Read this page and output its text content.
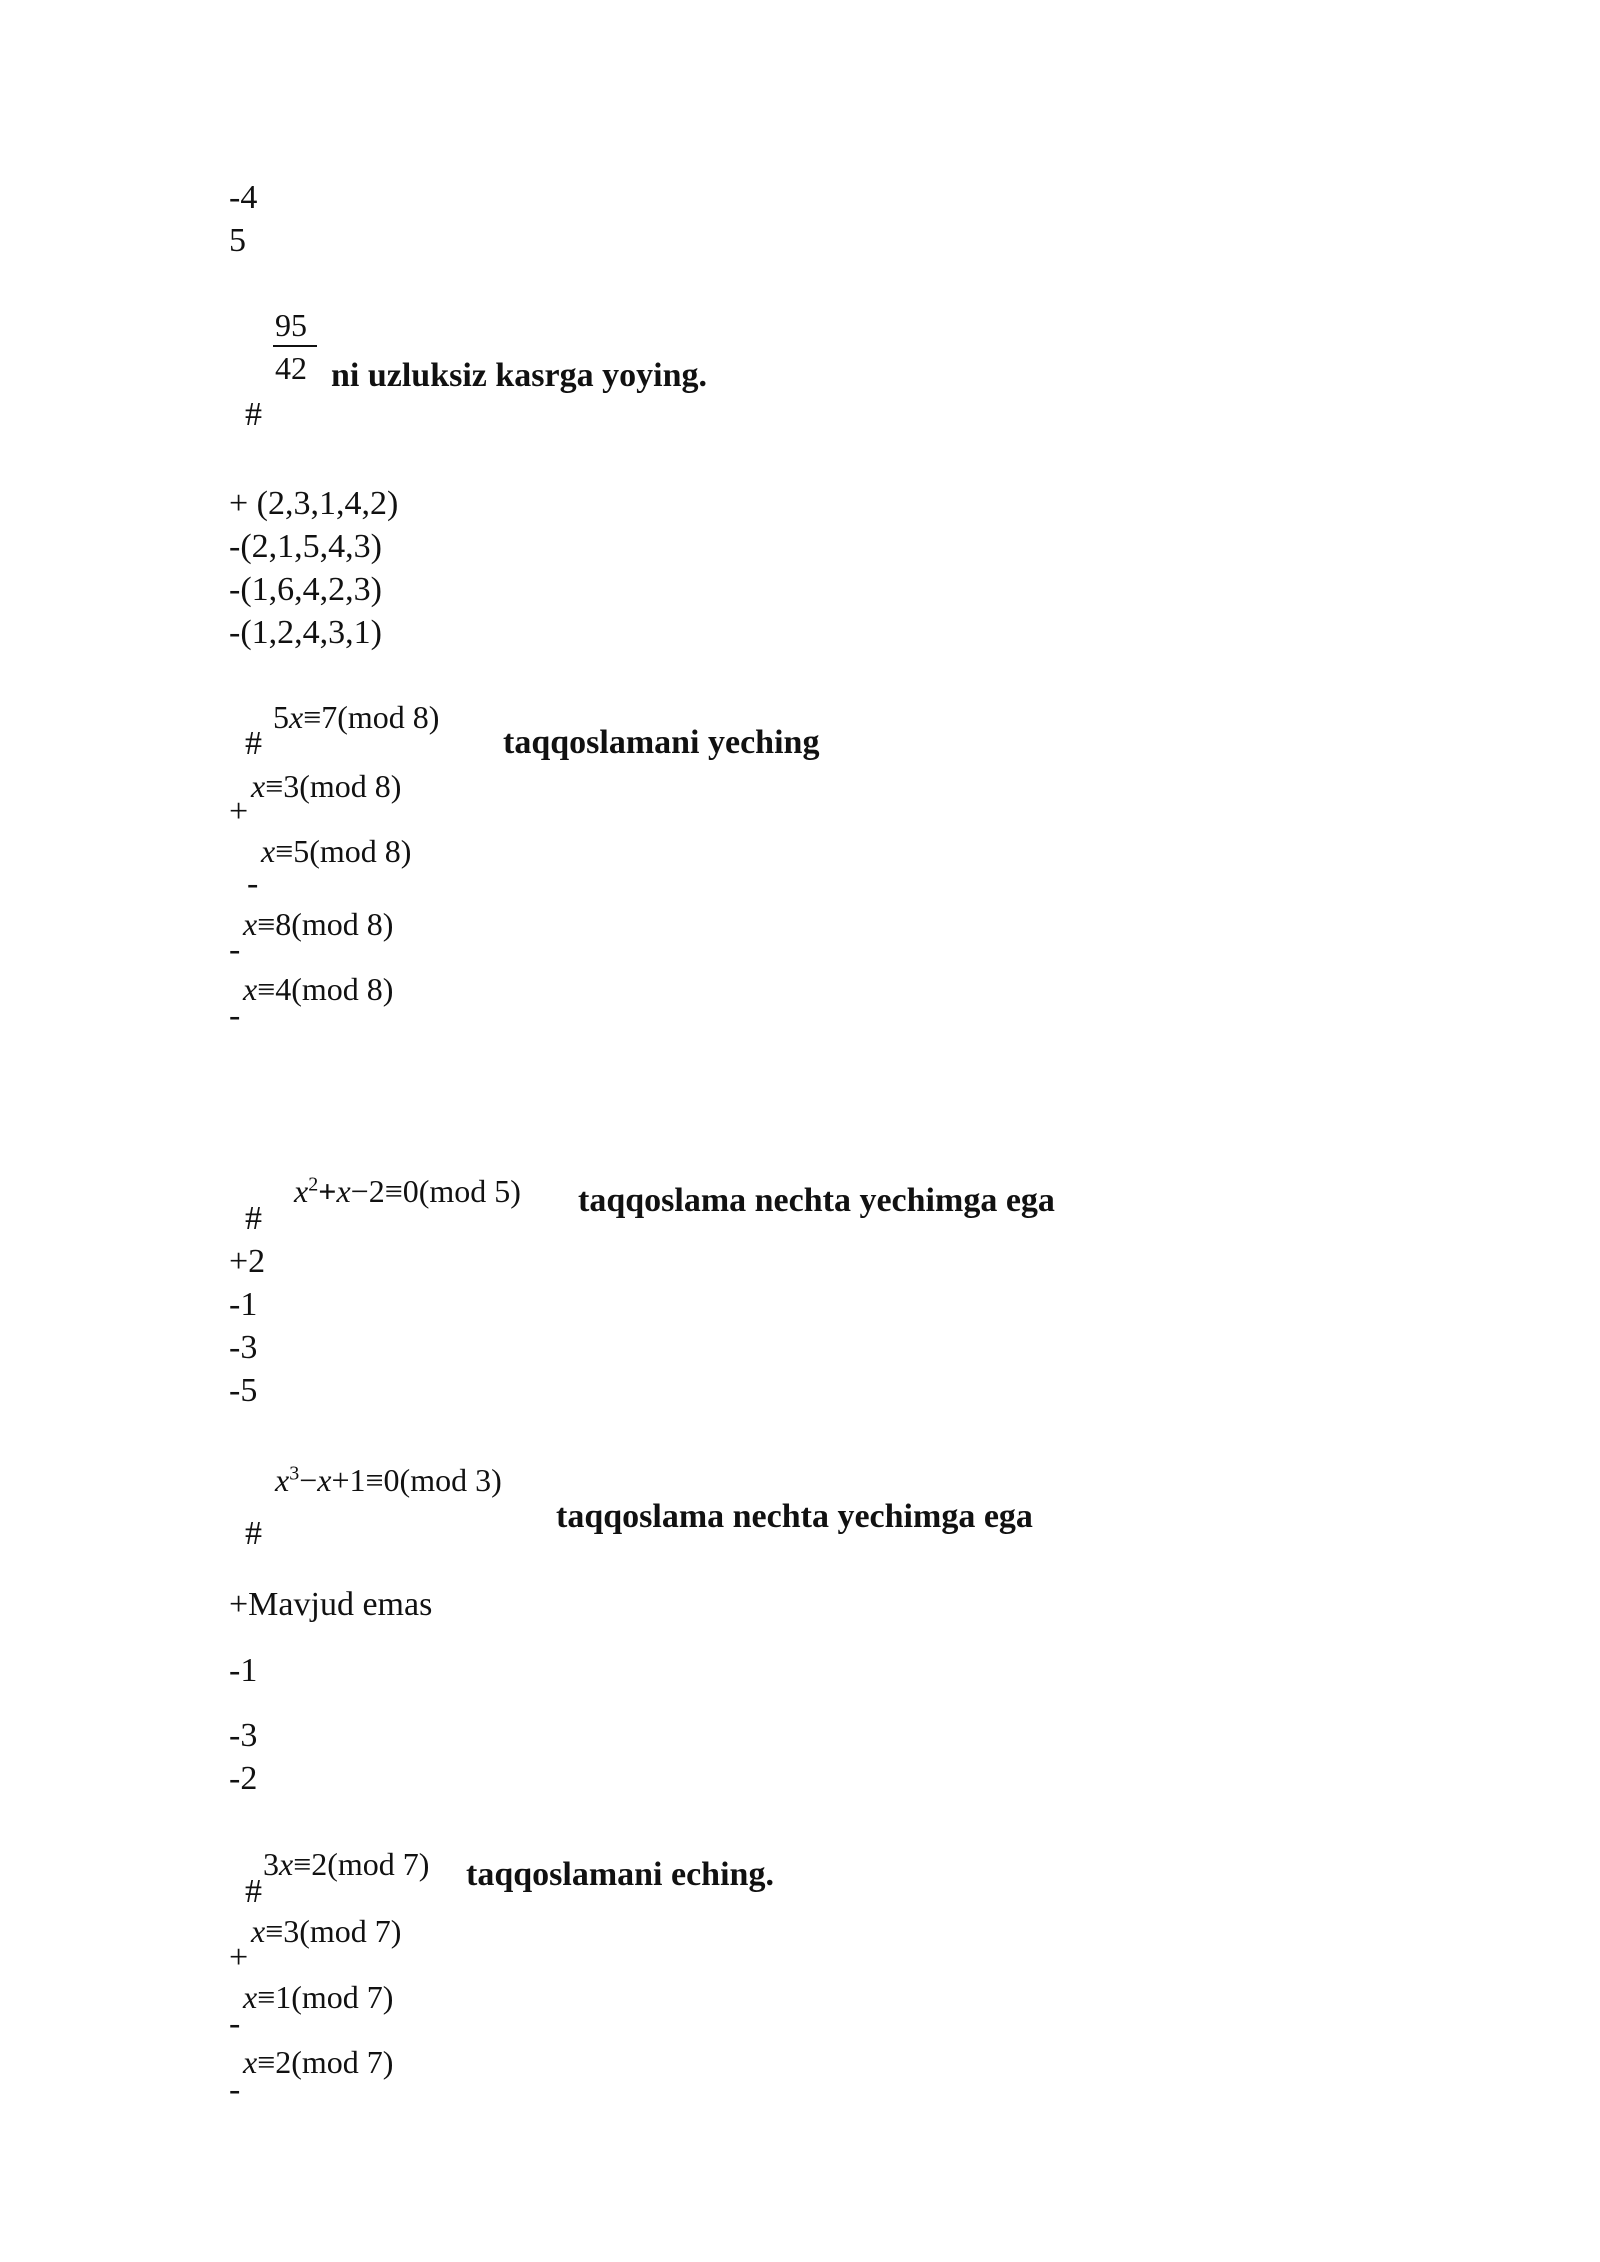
-4
5
95
42 ni uzluksiz kasrga yoying.
#
+ (2,3,1,4,2)
-(2,1,5,4,3)
-(1,6,4,2,3)
-(1,2,4,3,1)
5x≡7(mod 8)
#	taqqoslamani yeching
x≡3(mod 8)
+
x≡5(mod 8)
-
x≡8(mod 8)
-
x≡4(mod 8)
-
$x^2+x-2\equiv 0(mod$ 5) taqqoslama nechta yechimga ega
#
+2
-1
-3
-5
$x^3-x+1\equiv 0(mod$ 3)
taqqoslama nechta yechimga ega
#
+Mavjud emas
-1
-3
-2
3x≡2(mod 7) taqqoslamani eching.
#
x≡3(mod 7)
+
x≡1(mod 7)
-
x≡2(mod 7)
-
